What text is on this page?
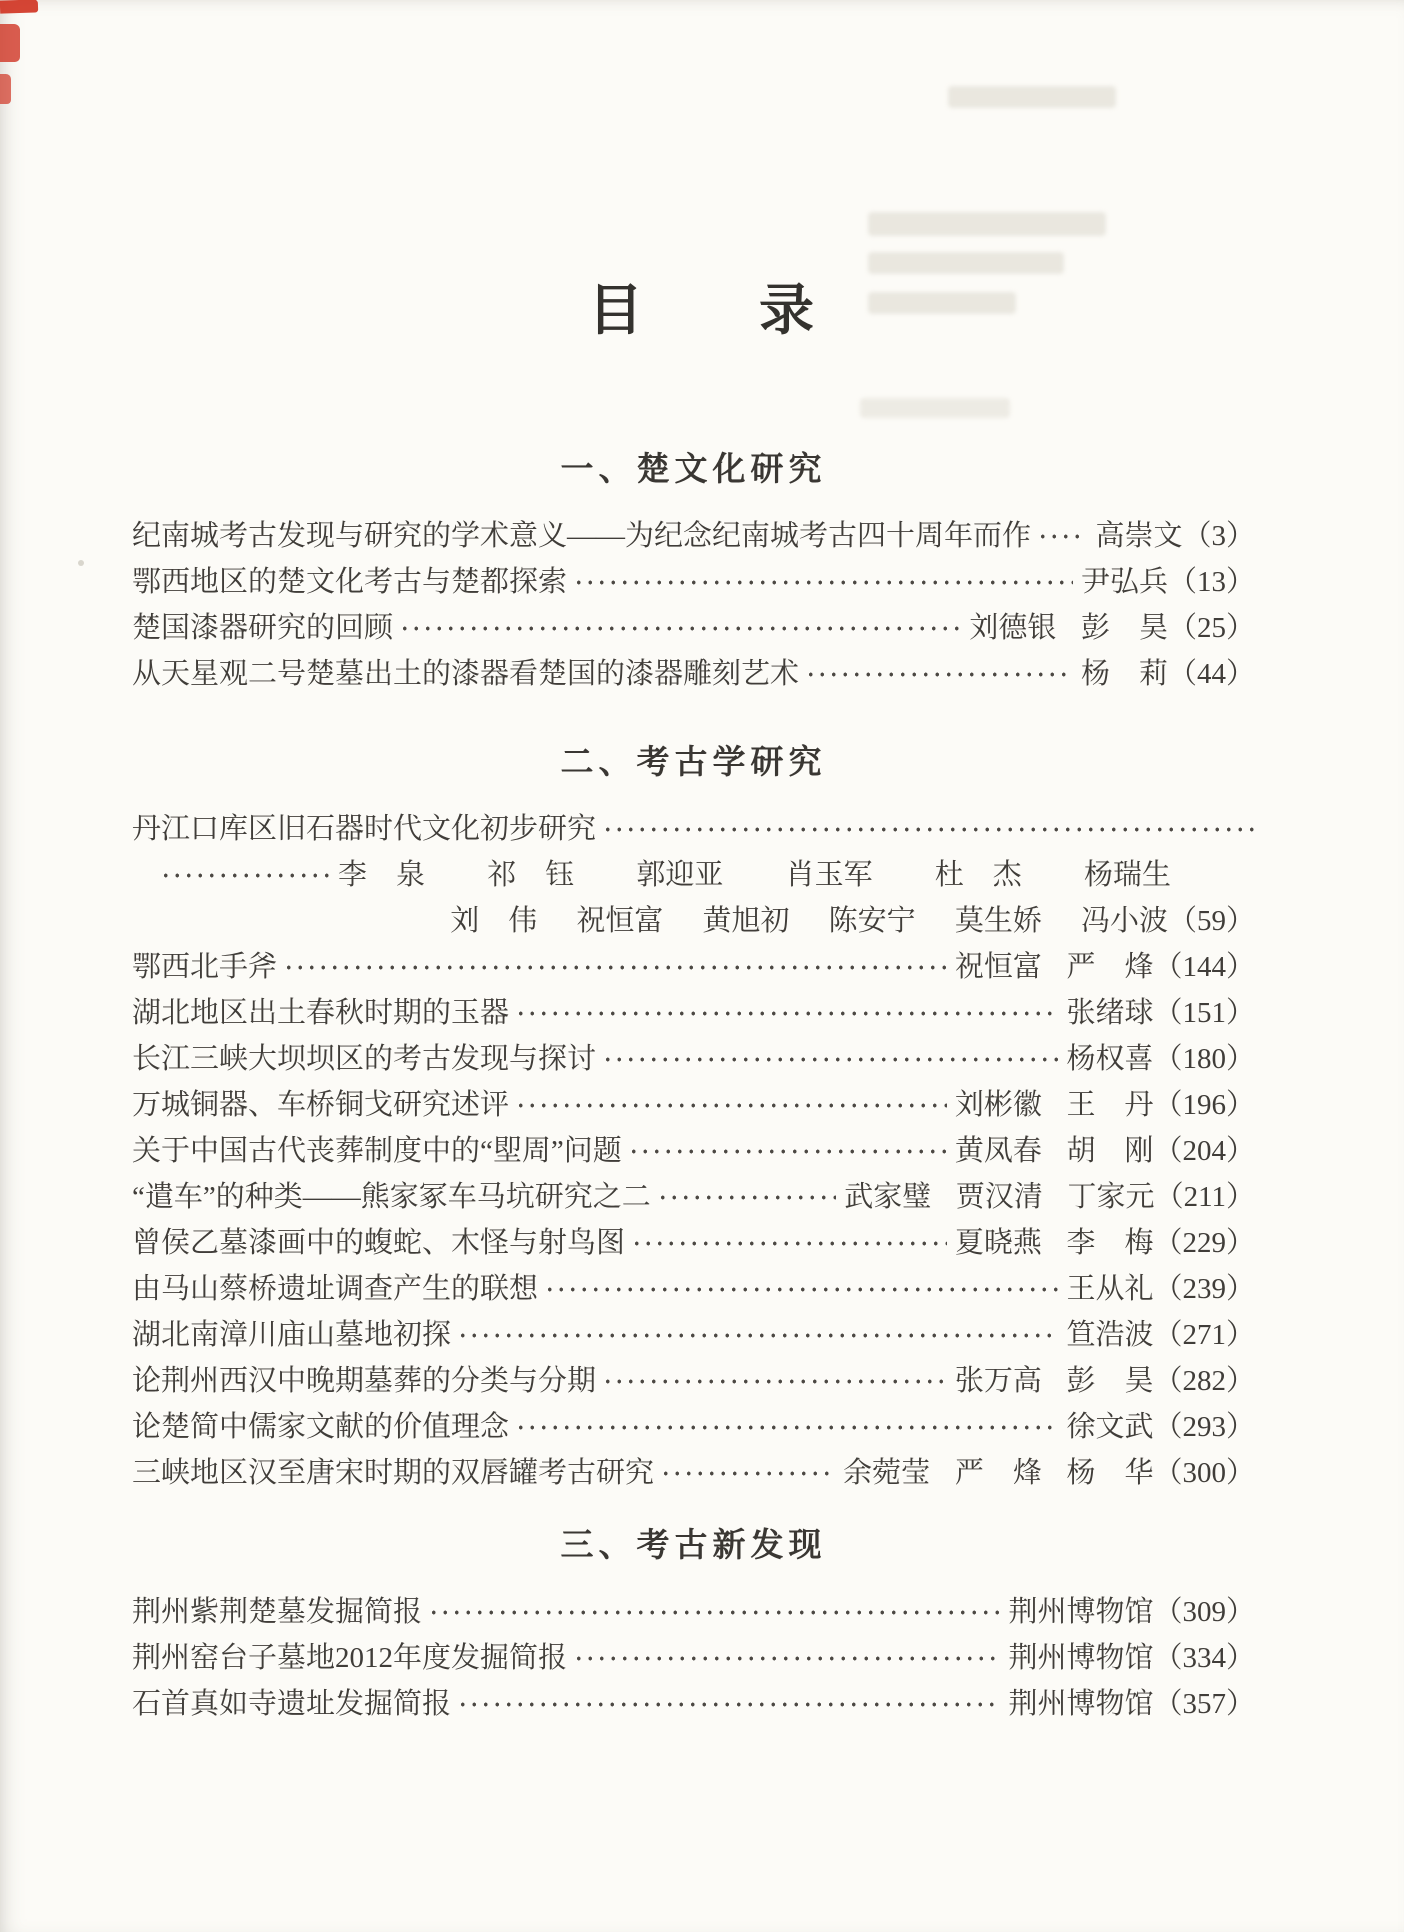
目　　录
一、楚文化研究
纪南城考古发现与研究的学术意义——为纪念纪南城考古四十周年而作 高崇文 （3）
鄂西地区的楚文化考古与楚都探索	尹弘兵 （13）
楚国漆器研究的回顾	刘德银 彭　昊 （25）
从天星观二号楚墓出土的漆器看楚国的漆器雕刻艺术	杨　莉 （44）
二、考古学研究
丹江口库区旧石器时代文化初步研究
李　泉 祁　钰 郭迎亚 肖玉军 杜　杰 杨瑞生
刘　伟 祝恒富 黄旭初 陈安宁 莫生娇 冯小波 （59）
鄂西北手斧	祝恒富 严　烽 （144）
湖北地区出土春秋时期的玉器	张绪球 （151）
长江三峡大坝坝区的考古发现与探讨	杨权喜 （180）
万城铜器、车桥铜戈研究述评	刘彬徽 王　丹 （196）
关于中国古代丧葬制度中的“堲周”问题	黄凤春 胡　刚 （204）
“遣车”的种类——熊家冢车马坑研究之二	武家璧 贾汉清 丁家元 （211）
曾侯乙墓漆画中的蝮蛇、木怪与射鸟图	夏晓燕 李　梅 （229）
由马山蔡桥遗址调查产生的联想	王从礼 （239）
湖北南漳川庙山墓地初探	笪浩波 （271）
论荆州西汉中晚期墓葬的分类与分期	张万高 彭　昊 （282）
论楚简中儒家文献的价值理念	徐文武 （293）
三峡地区汉至唐宋时期的双唇罐考古研究	余菀莹 严　烽 杨　华 （300）
三、考古新发现
荆州紫荆楚墓发掘简报	荆州博物馆 （309）
荆州窑台子墓地2012年度发掘简报	荆州博物馆 （334）
石首真如寺遗址发掘简报	荆州博物馆 （357）
